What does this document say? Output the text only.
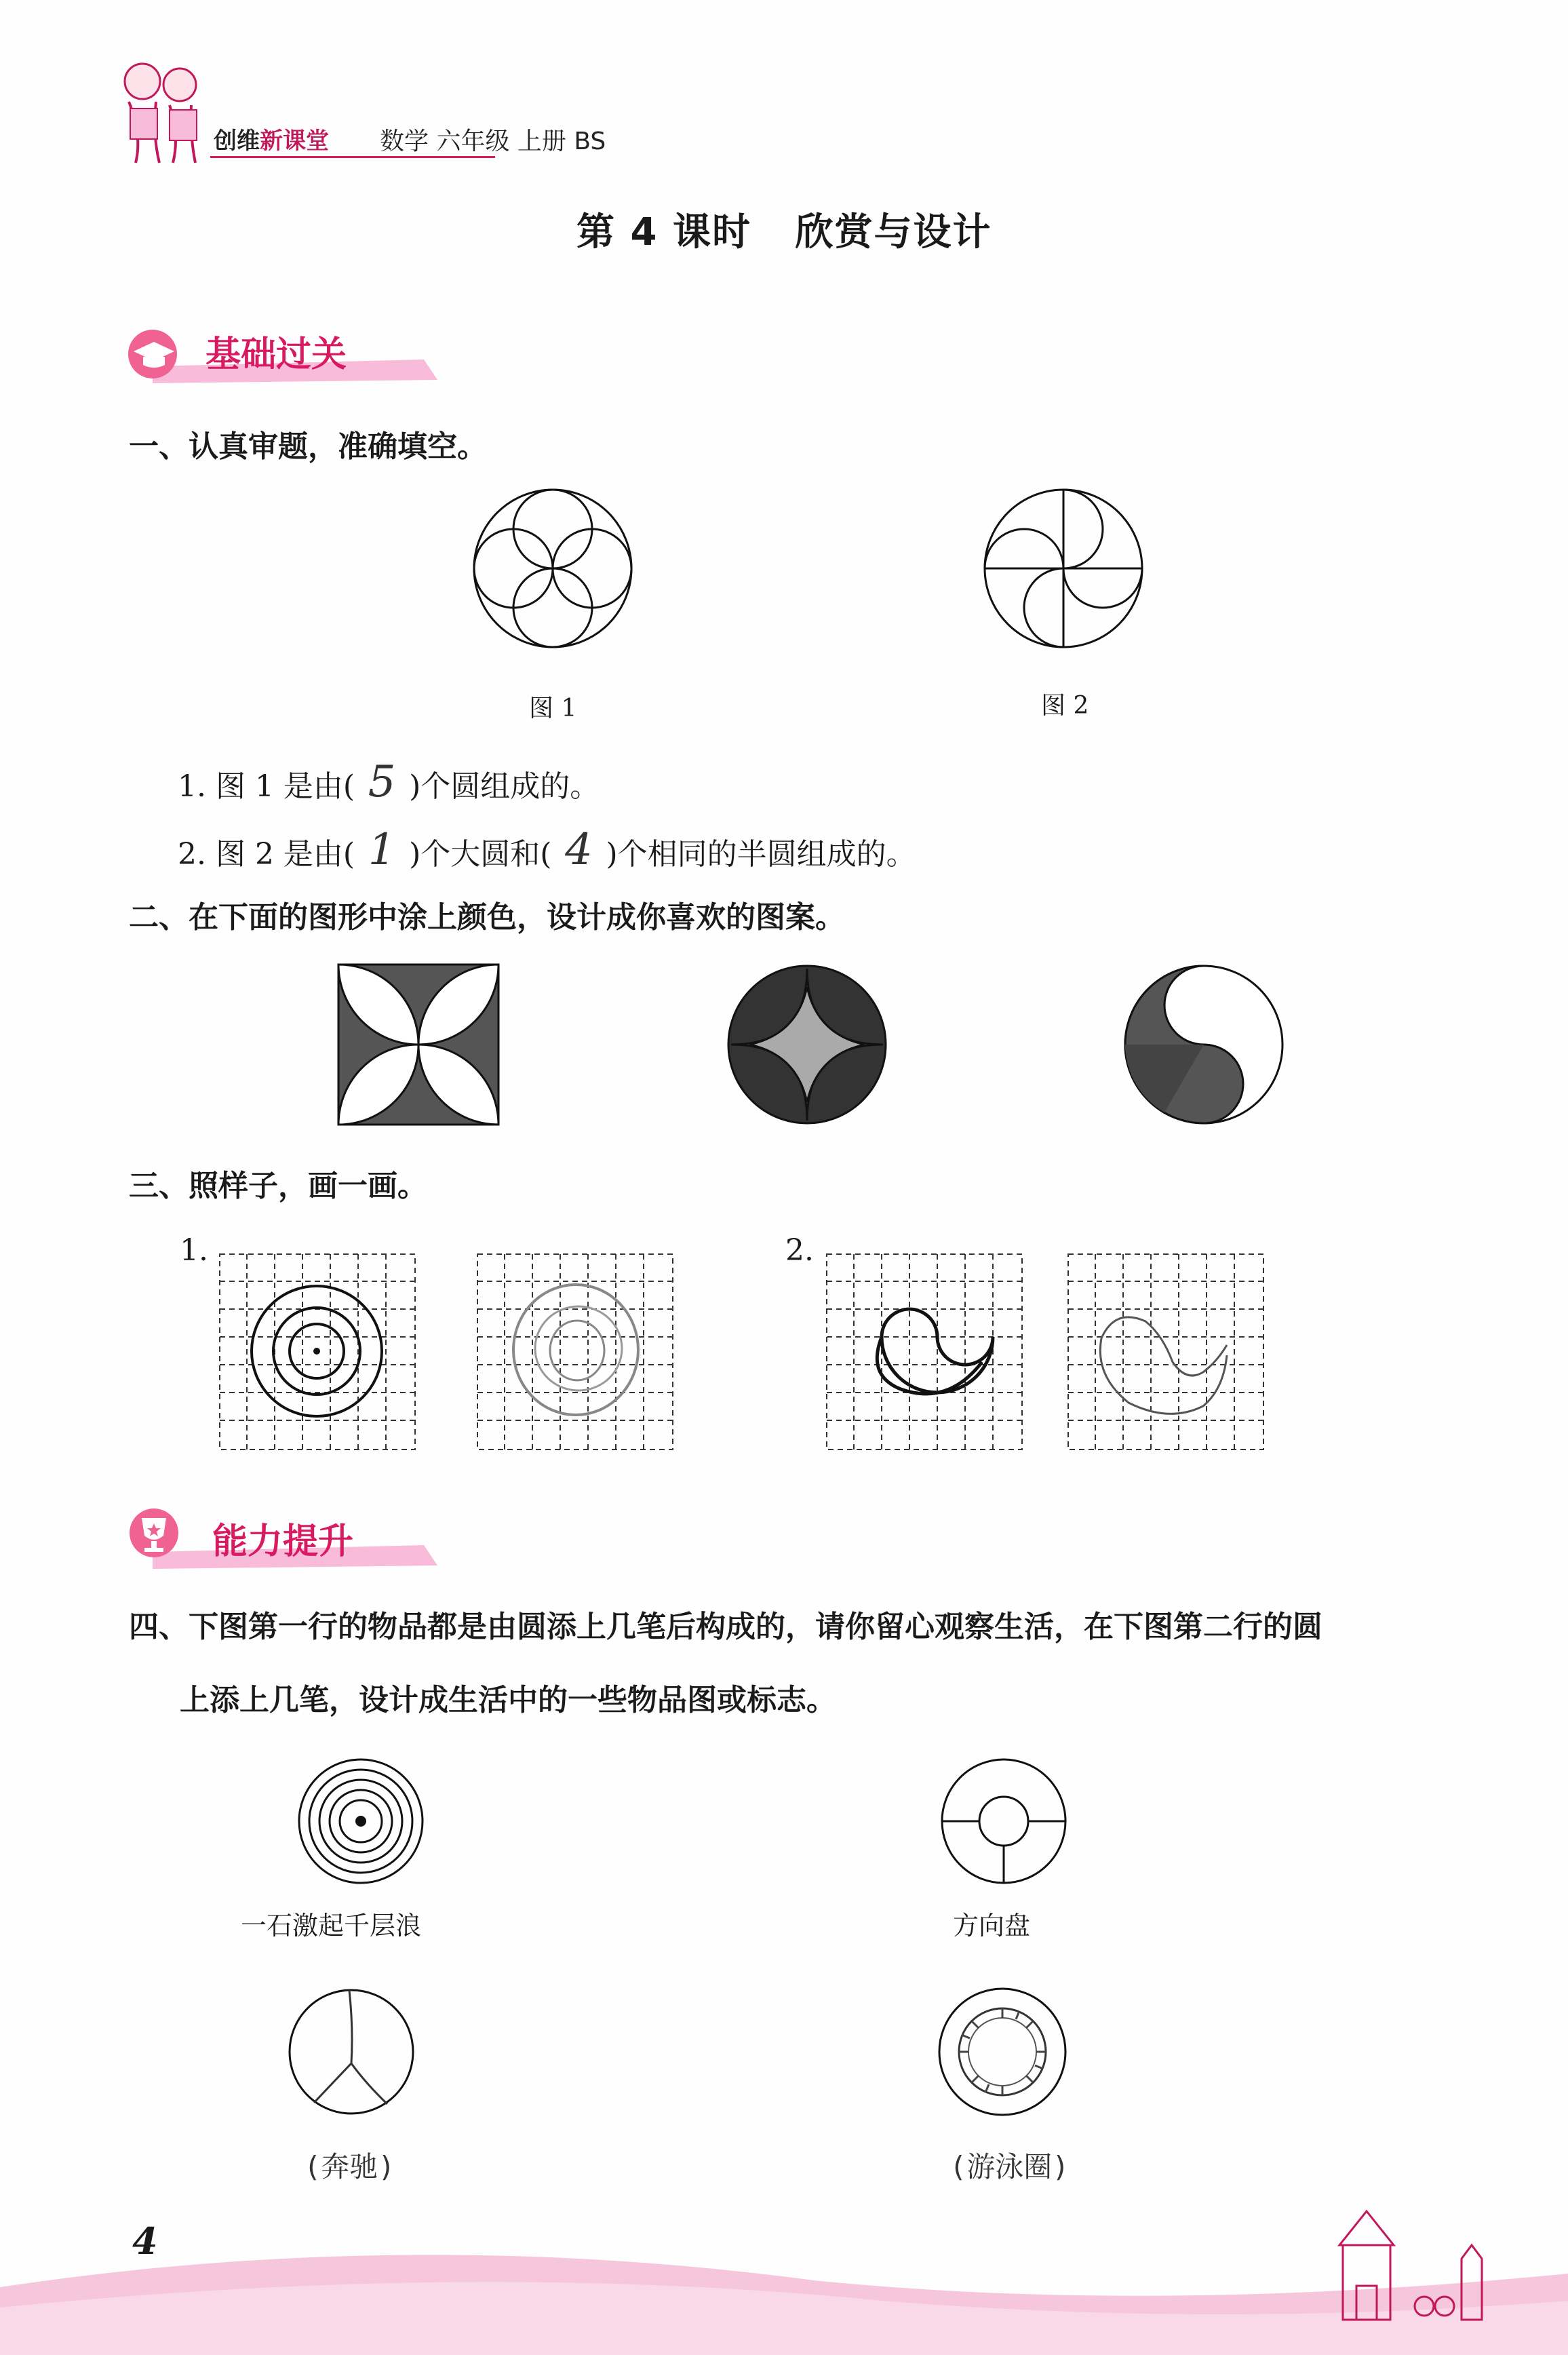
创维新课堂 数学 六年级 上册 BS
第 4 课时   欣赏与设计
基础过关
一、认真审题，准确填空。
图 1	图 2
1. 图 1 是由( 5 )个圆组成的。
2. 图 2 是由( 1 )个大圆和( 4 )个相同的半圆组成的。
二、在下面的图形中涂上颜色，设计成你喜欢的图案。
三、照样子，画一画。
1.	2.
能力提升
四、下图第一行的物品都是由圆添上几笔后构成的，请你留心观察生活，在下图第二行的圆
上添上几笔，设计成生活中的一些物品图或标志。
一石激起千层浪	方向盘
(奔驰)	(游泳圈)
4
